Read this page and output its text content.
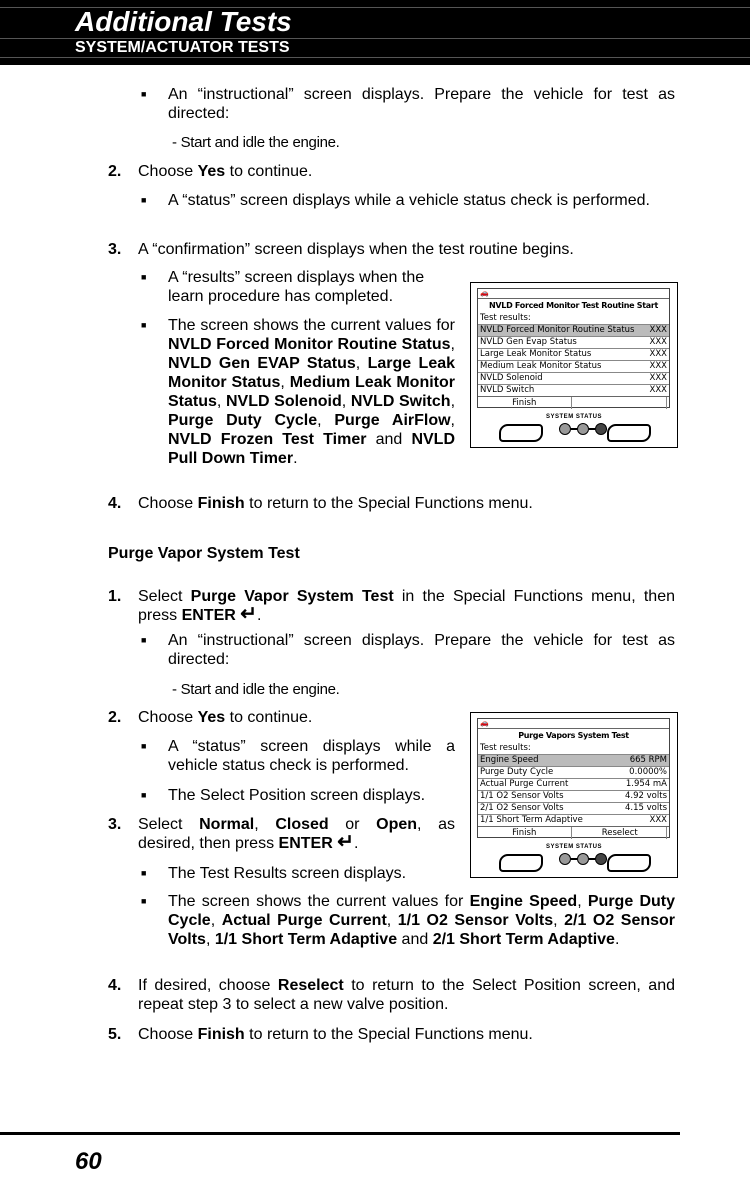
Additional Tests
SYSTEM/ACTUATOR TESTS
■ An “instructional” screen displays. Prepare the vehicle for test as directed:
- Start and idle the engine.
2. Choose Yes to continue.
■ A “status” screen displays while a vehicle status check is performed.
3. A “confirmation” screen displays when the test routine begins.
■ A “results” screen displays when the learn procedure has completed.
■ The screen shows the current values for NVLD Forced Monitor Routine Status, NVLD Gen EVAP Status, Large Leak Monitor Status, Medium Leak Monitor Status, NVLD Solenoid, NVLD Switch, Purge Duty Cycle, Purge AirFlow, NVLD Frozen Test Timer and NVLD Pull Down Timer.
4. Choose Finish to return to the Special Functions menu.
🚗
NVLD Forced Monitor Test Routine Start
Test results:
NVLD Forced Monitor Routine Status XXX
NVLD Gen Evap Status	XXX
Large Leak Monitor Status	XXX
Medium Leak Monitor Status	XXX
NVLD Solenoid	XXX
NVLD Switch	XXX
Finish
SYSTEM STATUS
Purge Vapor System Test
1. Select Purge Vapor System Test in the Special Functions menu, then press ENTER ↵.
■ An “instructional” screen displays. Prepare the vehicle for test as directed:
- Start and idle the engine.
2. Choose Yes to continue.
■ A “status” screen displays while a vehicle status check is performed.
■ The Select Position screen displays.
3. Select Normal, Closed or Open, as desired, then press ENTER ↵.
■ The Test Results screen displays.
■ The screen shows the current values for Engine Speed, Purge Duty Cycle, Actual Purge Current, 1/1 O2 Sensor Volts, 2/1 O2 Sensor Volts, 1/1 Short Term Adaptive and 2/1 Short Term Adaptive.
4. If desired, choose Reselect to return to the Select Position screen, and repeat step 3 to select a new valve position.
5. Choose Finish to return to the Special Functions menu.
🚗
Purge Vapors System Test
Test results:
Engine Speed	665 RPM
Purge Duty Cycle	0.0000%
Actual Purge Current	1.954 mA
1/1 O2 Sensor Volts	4.92 volts
2/1 O2 Sensor Volts	4.15 volts
1/1 Short Term Adaptive	XXX
Finish	Reselect
SYSTEM STATUS
60
